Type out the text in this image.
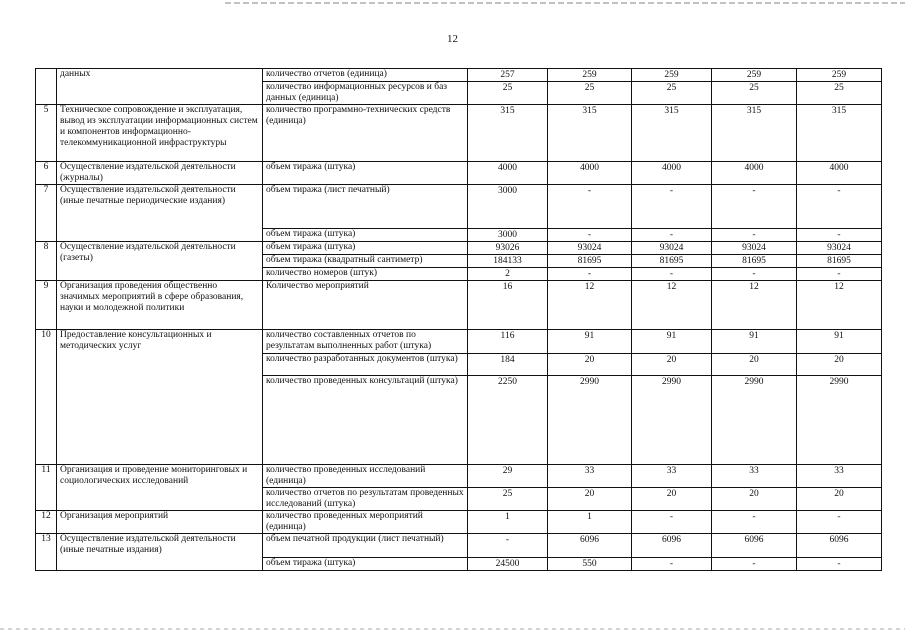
12
	данных	количество отчетов (единица)	257	259	259	259	259
		количество информационных ресурсов и баз данных (единица)	25	25	25	25	25
5	Техническое сопровождение и эксплуатация, вывод из эксплуатации информационных систем и компонентов информационно-телекоммуникационной инфраструктуры	количество программно-технических средств (единица)	315	315	315	315	315
6	Осуществление издательской деятельности (журналы)	объем тиража (штука)	4000	4000	4000	4000	4000
7	Осуществление издательской деятельности (иные печатные периодические издания)	объем тиража (лист печатный)	3000	-	-	-	-
		объем тиража (штука)	3000	-	-	-	-
8	Осуществление издательской деятельности (газеты)	объем тиража (штука)	93026	93024	93024	93024	93024
		объем тиража (квадратный сантиметр)	184133	81695	81695	81695	81695
		количество номеров (штук)	2	-	-	-	-
9	Организация проведения общественно значимых мероприятий в сфере образования, науки и молодежной политики	Количество мероприятий	16	12	12	12	12
10	Предоставление консультационных и методических услуг	количество составленных отчетов по результатам выполненных работ (штука)	116	91	91	91	91
		количество разработанных документов (штука)	184	20	20	20	20
		количество проведенных консультаций (штука)	2250	2990	2990	2990	2990
11	Организация и проведение мониторинговых и социологических исследований	количество проведенных исследований (единица)	29	33	33	33	33
		количество отчетов по результатам проведенных исследований (штука)	25	20	20	20	20
12	Организация мероприятий	количество проведенных мероприятий (единица)	1	1	-	-	-
13	Осуществление издательской деятельности (иные печатные издания)	объем печатной продукции (лист печатный)	-	6096	6096	6096	6096
		объем тиража (штука)	24500	550	-	-	-
